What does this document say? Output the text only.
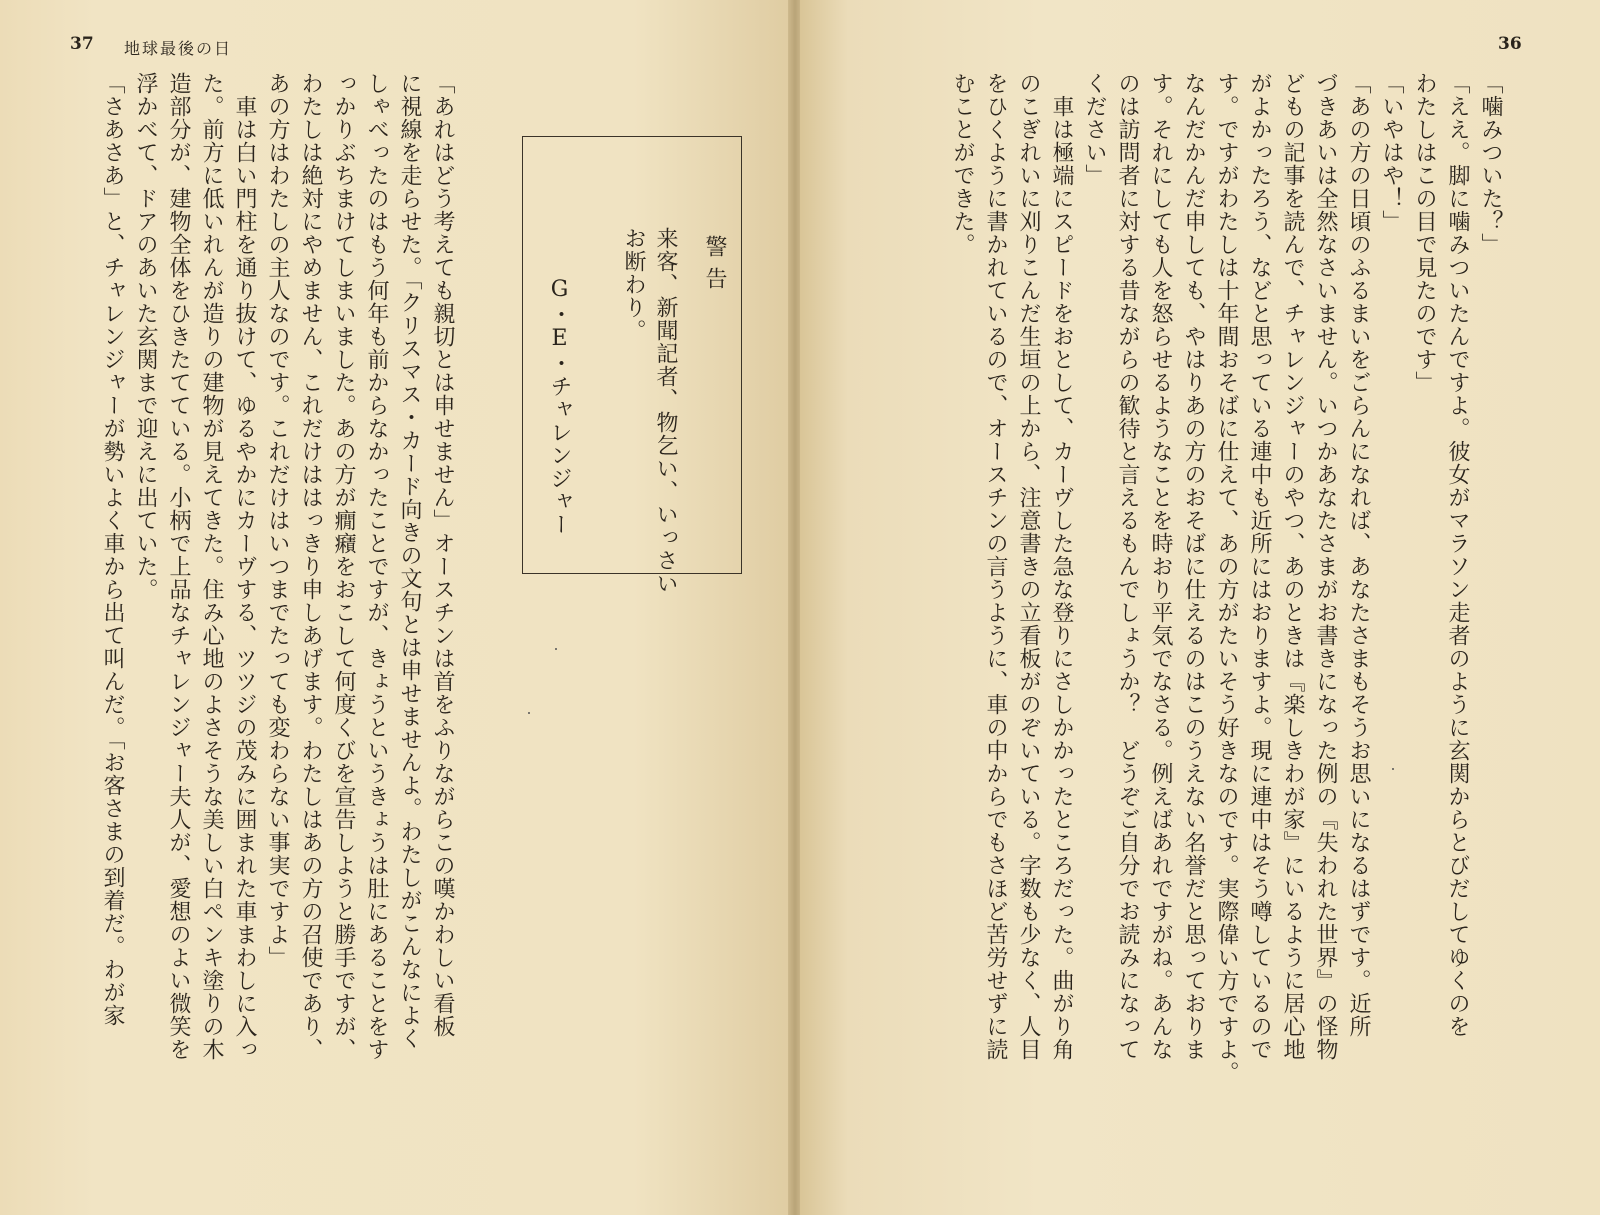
37 地球最後の日
警告
来客、新聞記者、物乞い、いっさい
お断わり。
G・E・チャレンジャー
「あれはどう考えても親切とは申せません」オースチンは首をふりながらこの嘆かわしい看板
に視線を走らせた。「クリスマス・カード向きの文句とは申せませんよ。わたしがこんなによく
しゃべったのはもう何年も前からなかったことですが、きょうというきょうは肚にあることをす
っかりぶちまけてしまいました。あの方が癇癪をおこして何度くびを宣告しようと勝手ですが、
わたしは絶対にやめません、これだけははっきり申しあげます。わたしはあの方の召使であり、
あの方はわたしの主人なのです。これだけはいつまでたっても変わらない事実ですよ」
　車は白い門柱を通り抜けて、ゆるやかにカーヴする、ツツジの茂みに囲まれた車まわしに入っ
た。前方に低いれんが造りの建物が見えてきた。住み心地のよさそうな美しい白ペンキ塗りの木
造部分が、建物全体をひきたてている。小柄で上品なチャレンジャー夫人が、愛想のよい微笑を
浮かべて、ドアのあいた玄関まで迎えに出ていた。
「さあさあ」と、チャレンジャーが勢いよく車から出て叫んだ。「お客さまの到着だ。わが家
36
「噛みついた？」
「ええ。脚に噛みついたんですよ。彼女がマラソン走者のように玄関からとびだしてゆくのを
わたしはこの目で見たのです」
「いやはや！」
「あの方の日頃のふるまいをごらんになれば、あなたさまもそうお思いになるはずです。近所
づきあいは全然なさいません。いつかあなたさまがお書きになった例の『失われた世界』の怪物
どもの記事を読んで、チャレンジャーのやつ、あのときは『楽しきわが家』にいるように居心地
がよかったろう、などと思っている連中も近所にはおりますよ。現に連中はそう噂しているので
す。ですがわたしは十年間おそばに仕えて、あの方がたいそう好きなのです。実際偉い方ですよ。
なんだかんだ申しても、やはりあの方のおそばに仕えるのはこのうえない名誉だと思っておりま
す。それにしても人を怒らせるようなことを時おり平気でなさる。例えばあれですがね。あんな
のは訪問者に対する昔ながらの歓待と言えるもんでしょうか？　どうぞご自分でお読みになって
ください」
　車は極端にスピードをおとして、カーヴした急な登りにさしかかったところだった。曲がり角
のこぎれいに刈りこんだ生垣の上から、注意書きの立看板がのぞいている。字数も少なく、人目
をひくように書かれているので、オースチンの言うように、車の中からでもさほど苦労せずに読
むことができた。
